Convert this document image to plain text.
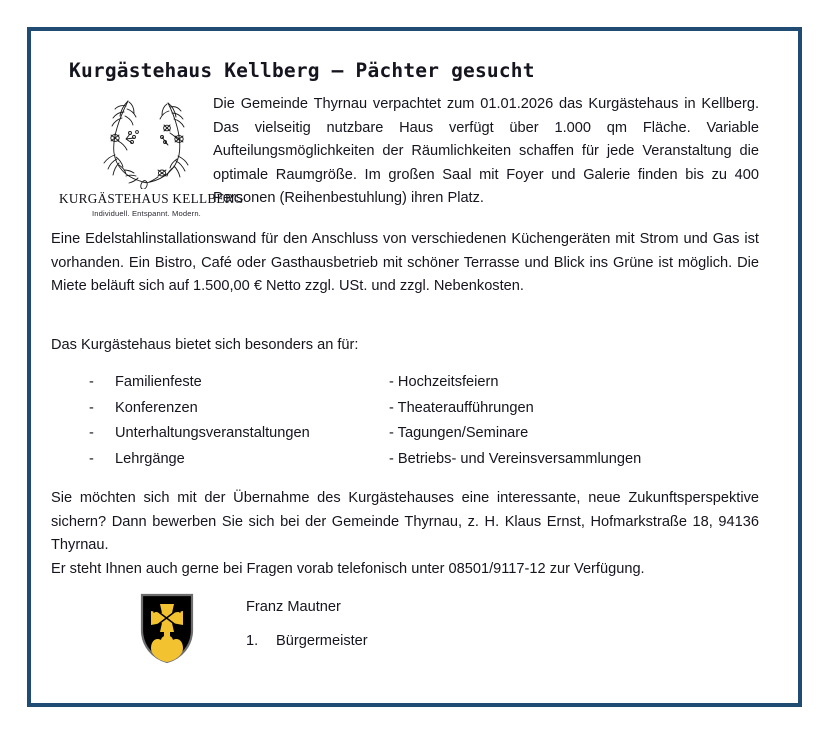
Kurgästehaus Kellberg – Pächter gesucht
KURGÄSTEHAUS KELLBERG
Individuell. Entspannt. Modern.
Die Gemeinde Thyrnau verpachtet zum 01.01.2026 das Kurgästehaus in Kellberg. Das vielseitig nutzbare Haus verfügt über 1.000 qm Fläche. Variable Aufteilungsmöglichkeiten der Räumlichkeiten schaffen für jede Veranstaltung die optimale Raumgröße. Im großen Saal mit Foyer und Galerie finden bis zu 400 Personen (Reihenbestuhlung) ihren Platz.
Eine Edelstahlinstallationswand für den Anschluss von verschiedenen Küchengeräten mit Strom und Gas ist vorhanden. Ein Bistro, Café oder Gasthausbetrieb mit schöner Terrasse und Blick ins Grüne ist möglich. Die Miete beläuft sich auf 1.500,00 € Netto zzgl. USt. und zzgl. Nebenkosten.
Das Kurgästehaus bietet sich besonders an für:
-	Familienfeste	- Hochzeitsfeiern
-	Konferenzen	- Theateraufführungen
-	Unterhaltungsveranstaltungen	- Tagungen/Seminare
-	Lehrgänge	- Betriebs- und Vereinsversammlungen
Sie möchten sich mit der Übernahme des Kurgästehauses eine interessante, neue Zukunftsperspektive sichern? Dann bewerben Sie sich bei der Gemeinde Thyrnau, z. H. Klaus Ernst, Hofmarkstraße 18, 94136 Thyrnau.
Er steht Ihnen auch gerne bei Fragen vorab telefonisch unter 08501/9117-12 zur Verfügung.
Franz Mautner
1.	Bürgermeister
